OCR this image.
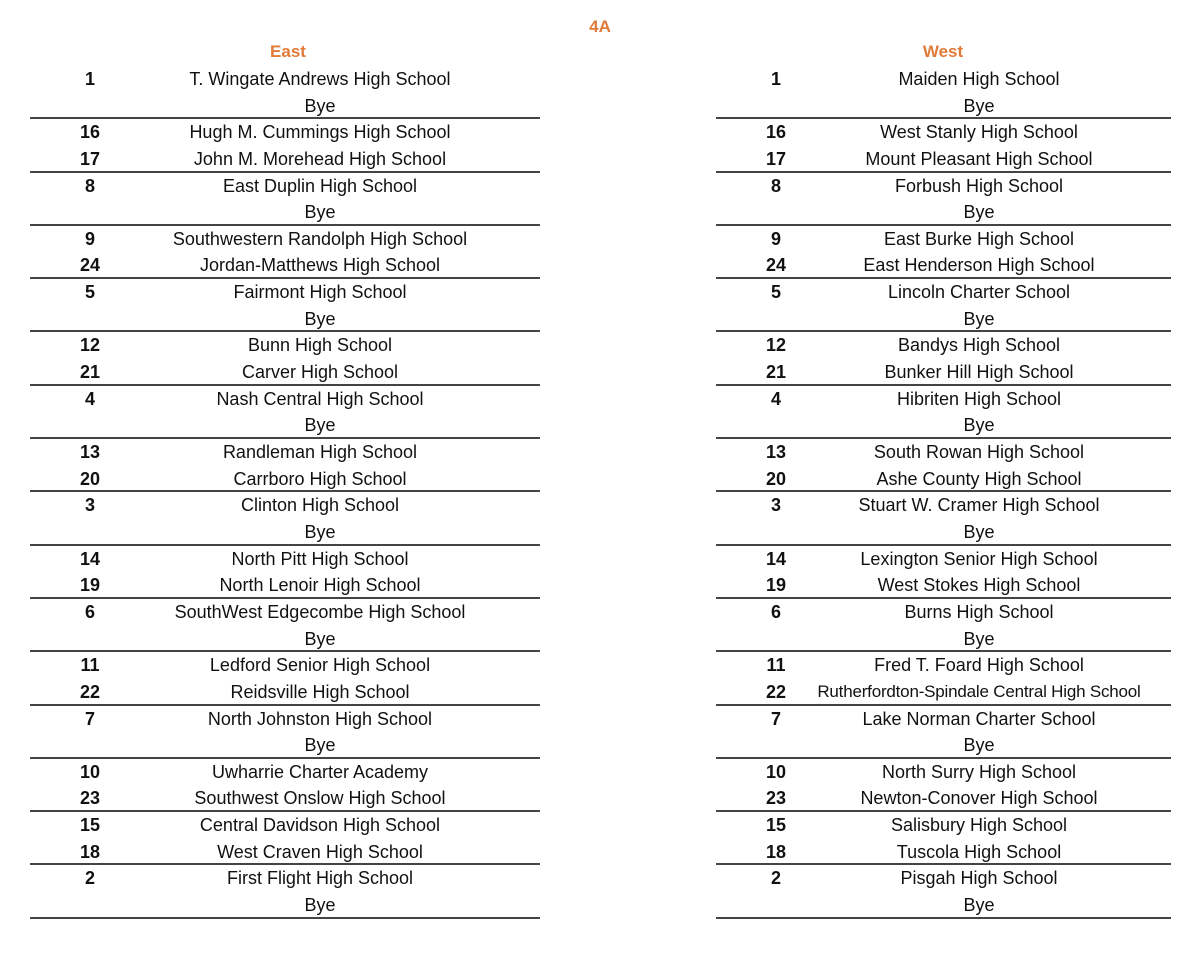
4A
East
1	T. Wingate Andrews High School
Bye
16	Hugh M. Cummings High School
17	John M. Morehead High School
8	East Duplin High School
Bye
9	Southwestern Randolph High School
24	Jordan-Matthews High School
5	Fairmont High School
Bye
12	Bunn High School
21	Carver High School
4	Nash Central High School
Bye
13	Randleman High School
20	Carrboro High School
3	Clinton High School
Bye
14	North Pitt High School
19	North Lenoir High School
6	SouthWest Edgecombe High School
Bye
11	Ledford Senior High School
22	Reidsville High School
7	North Johnston High School
Bye
10	Uwharrie Charter Academy
23	Southwest Onslow High School
15	Central Davidson High School
18	West Craven High School
2	First Flight High School
Bye
West
1	Maiden High School
Bye
16	West Stanly High School
17	Mount Pleasant High School
8	Forbush High School
Bye
9	East Burke High School
24	East Henderson High School
5	Lincoln Charter School
Bye
12	Bandys High School
21	Bunker Hill High School
4	Hibriten High School
Bye
13	South Rowan High School
20	Ashe County High School
3	Stuart W. Cramer High School
Bye
14	Lexington Senior High School
19	West Stokes High School
6	Burns High School
Bye
11	Fred T. Foard High School
22	Rutherfordton-Spindale Central High School
7	Lake Norman Charter School
Bye
10	North Surry High School
23	Newton-Conover High School
15	Salisbury High School
18	Tuscola High School
2	Pisgah High School
Bye
